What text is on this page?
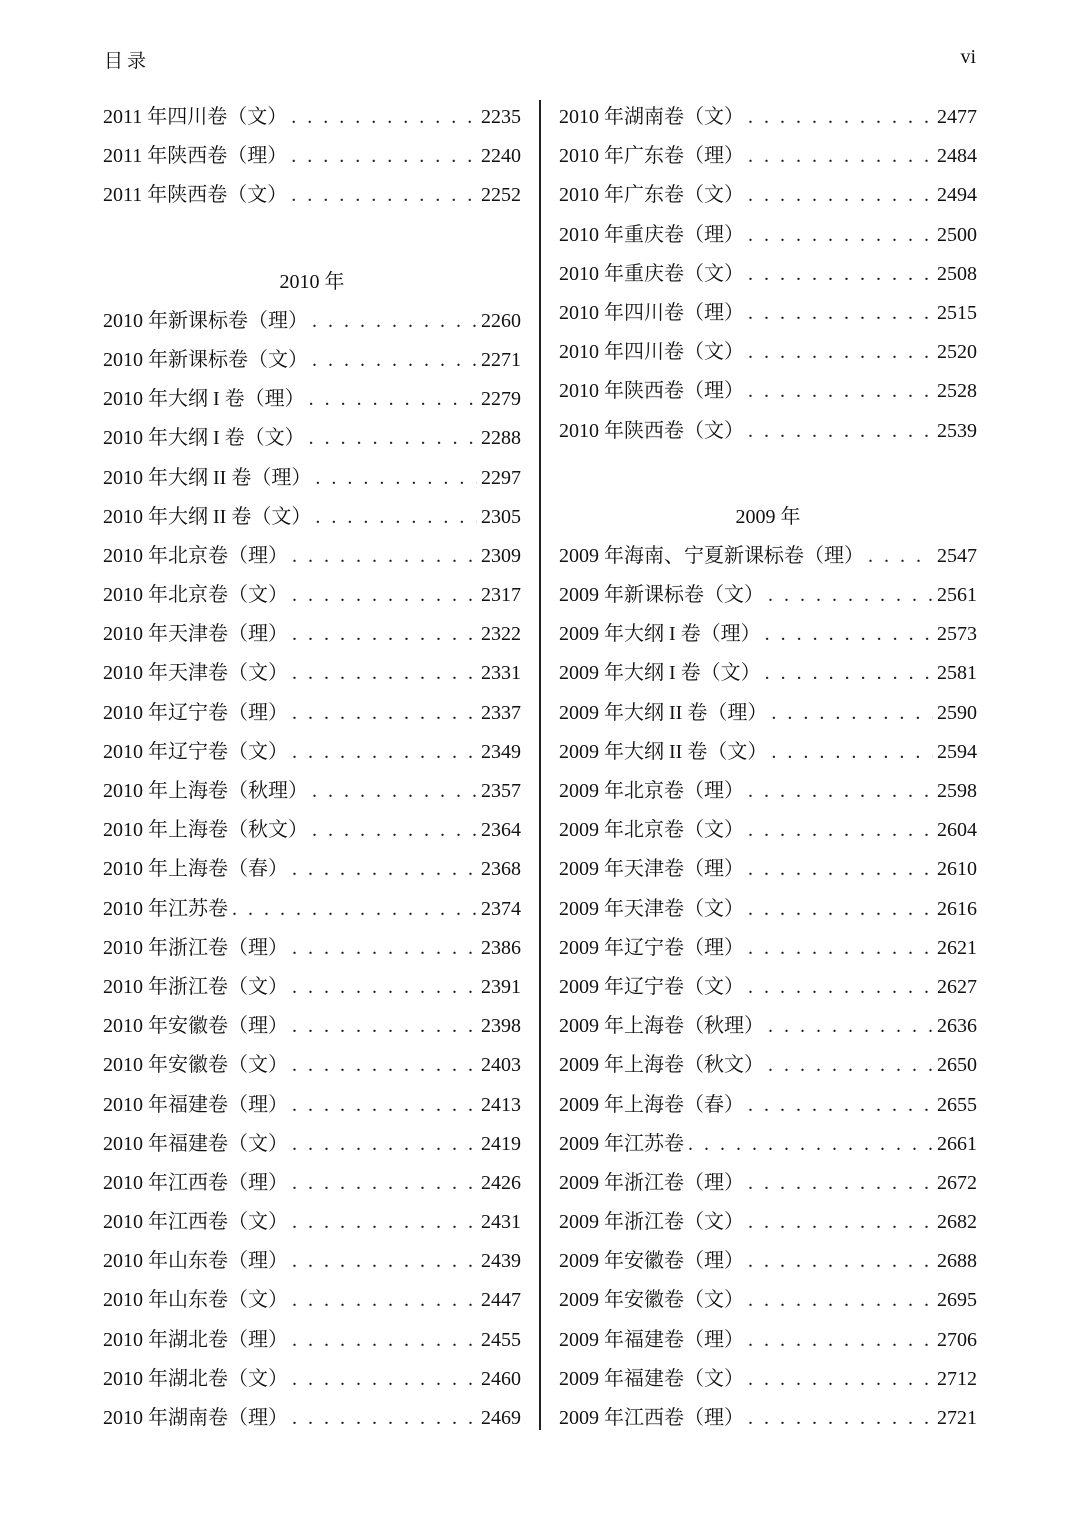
目录	vi
2011 年四川卷（文） . . .	2235
2011 年陕西卷（理） . . .	2240
2011 年陕西卷（文） . . .	2252
2010 年
2010 年新课标卷（理） . . .	2260
2010 年新课标卷（文） . . .	2271
2010 年大纲 I 卷（理） . . .	2279
2010 年大纲 I 卷（文） . . .	2288
2010 年大纲 II 卷（理） . . .	2297
2010 年大纲 II 卷（文） . . .	2305
2010 年北京卷（理） . . .	2309
2010 年北京卷（文） . . .	2317
2010 年天津卷（理） . . .	2322
2010 年天津卷（文） . . .	2331
2010 年辽宁卷（理） . . .	2337
2010 年辽宁卷（文） . . .	2349
2010 年上海卷（秋理） . . .	2357
2010 年上海卷（秋文） . . .	2364
2010 年上海卷（春） . . .	2368
2010 年江苏卷 . . .	2374
2010 年浙江卷（理） . . .	2386
2010 年浙江卷（文） . . .	2391
2010 年安徽卷（理） . . .	2398
2010 年安徽卷（文） . . .	2403
2010 年福建卷（理） . . .	2413
2010 年福建卷（文） . . .	2419
2010 年江西卷（理） . . .	2426
2010 年江西卷（文） . . .	2431
2010 年山东卷（理） . . .	2439
2010 年山东卷（文） . . .	2447
2010 年湖北卷（理） . . .	2455
2010 年湖北卷（文） . . .	2460
2010 年湖南卷（理） . . .	2469
2010 年湖南卷（文） . . .	2477
2010 年广东卷（理） . . .	2484
2010 年广东卷（文） . . .	2494
2010 年重庆卷（理） . . .	2500
2010 年重庆卷（文） . . .	2508
2010 年四川卷（理） . . .	2515
2010 年四川卷（文） . . .	2520
2010 年陕西卷（理） . . .	2528
2010 年陕西卷（文） . . .	2539
2009 年
2009 年海南、宁夏新课标卷（理） . . .	2547
2009 年新课标卷（文） . . .	2561
2009 年大纲 I 卷（理） . . .	2573
2009 年大纲 I 卷（文） . . .	2581
2009 年大纲 II 卷（理） . . .	2590
2009 年大纲 II 卷（文） . . .	2594
2009 年北京卷（理） . . .	2598
2009 年北京卷（文） . . .	2604
2009 年天津卷（理） . . .	2610
2009 年天津卷（文） . . .	2616
2009 年辽宁卷（理） . . .	2621
2009 年辽宁卷（文） . . .	2627
2009 年上海卷（秋理） . . .	2636
2009 年上海卷（秋文） . . .	2650
2009 年上海卷（春） . . .	2655
2009 年江苏卷 . . .	2661
2009 年浙江卷（理） . . .	2672
2009 年浙江卷（文） . . .	2682
2009 年安徽卷（理） . . .	2688
2009 年安徽卷（文） . . .	2695
2009 年福建卷（理） . . .	2706
2009 年福建卷（文） . . .	2712
2009 年江西卷（理） . . .	2721
